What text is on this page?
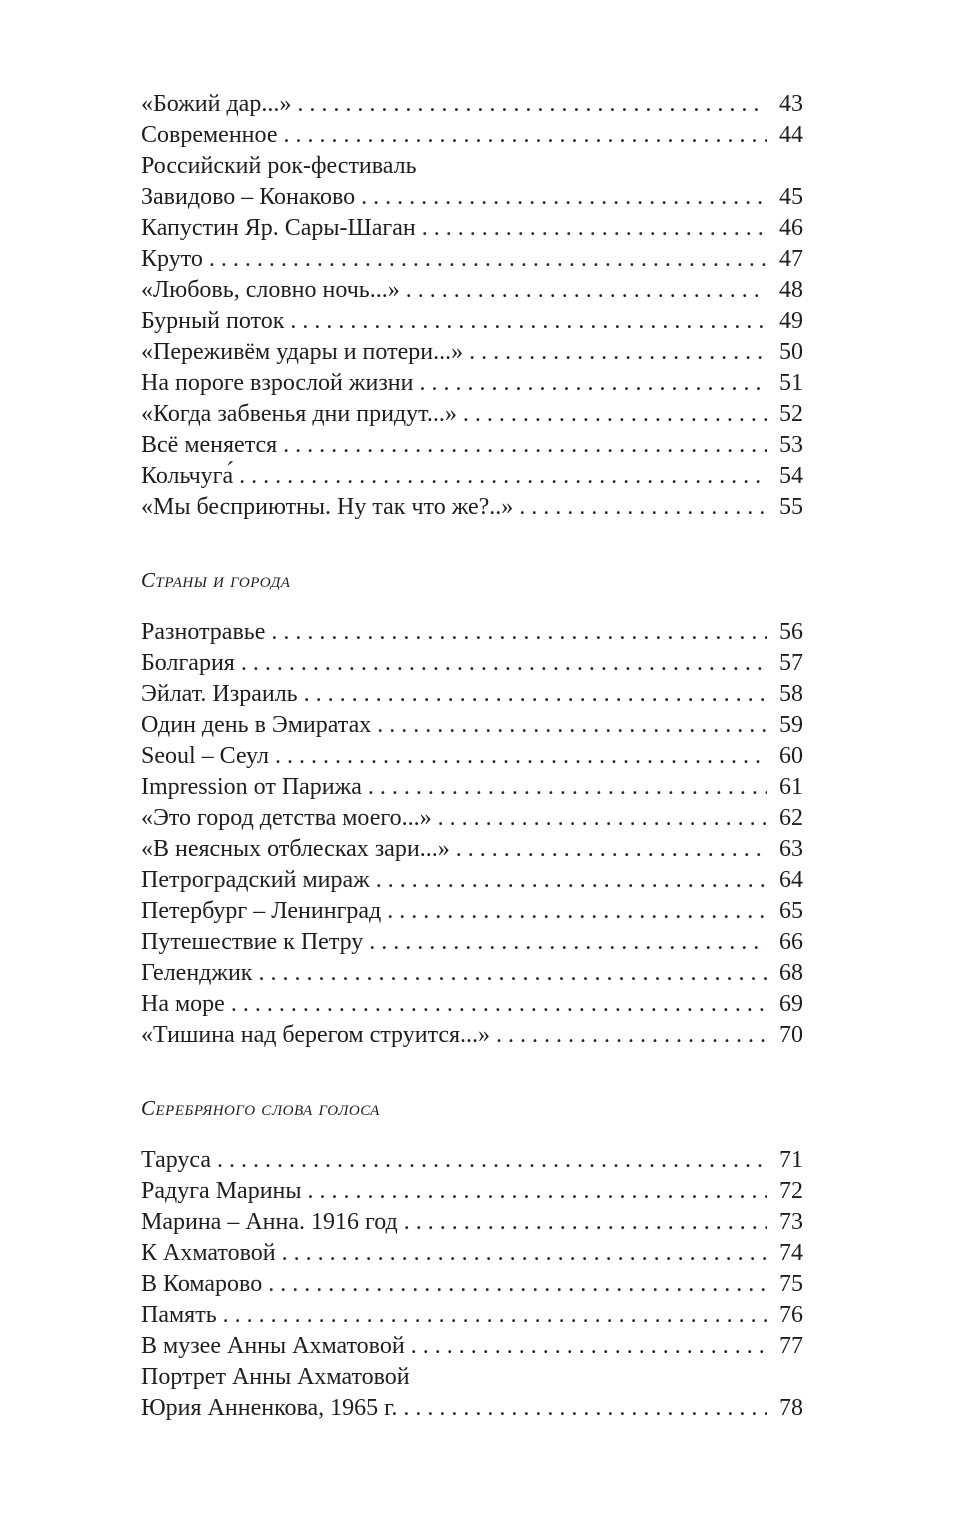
«Божий дар...» . . .	43
Современное . . .	44
Российский рок-фестиваль
Завидово – Конаково . . .	45
Капустин Яр. Сары-Шаган . . .	46
Круто . . .	47
«Любовь, словно ночь...» . . .	48
Бурный поток . . .	49
«Переживём удары и потери...» . . .	50
На пороге взрослой жизни . . .	51
«Когда забвенья дни придут...» . . .	52
Всё меняется . . .	53
Кольчуга́ . . .	54
«Мы бесприютны. Ну так что же?..» . . .	55
Страны и города
Разнотравье . . .	56
Болгария . . .	57
Эйлат. Израиль . . .	58
Один день в Эмиратах . . .	59
Seoul – Сеул . . .	60
Impression от Парижа . . .	61
«Это город детства моего...» . . .	62
«В неясных отблесках зари...» . . .	63
Петроградский мираж . . .	64
Петербург – Ленинград . . .	65
Путешествие к Петру . . .	66
Геленджик . . .	68
На море . . .	69
«Тишина над берегом струится...» . . .	70
Серебряного слова голоса
Таруса . . .	71
Радуга Марины . . .	72
Марина – Анна. 1916 год . . .	73
К Ахматовой . . .	74
В Комарово . . .	75
Память . . .	76
В музее Анны Ахматовой . . .	77
Портрет Анны Ахматовой
Юрия Анненкова, 1965 г. . . .	78
